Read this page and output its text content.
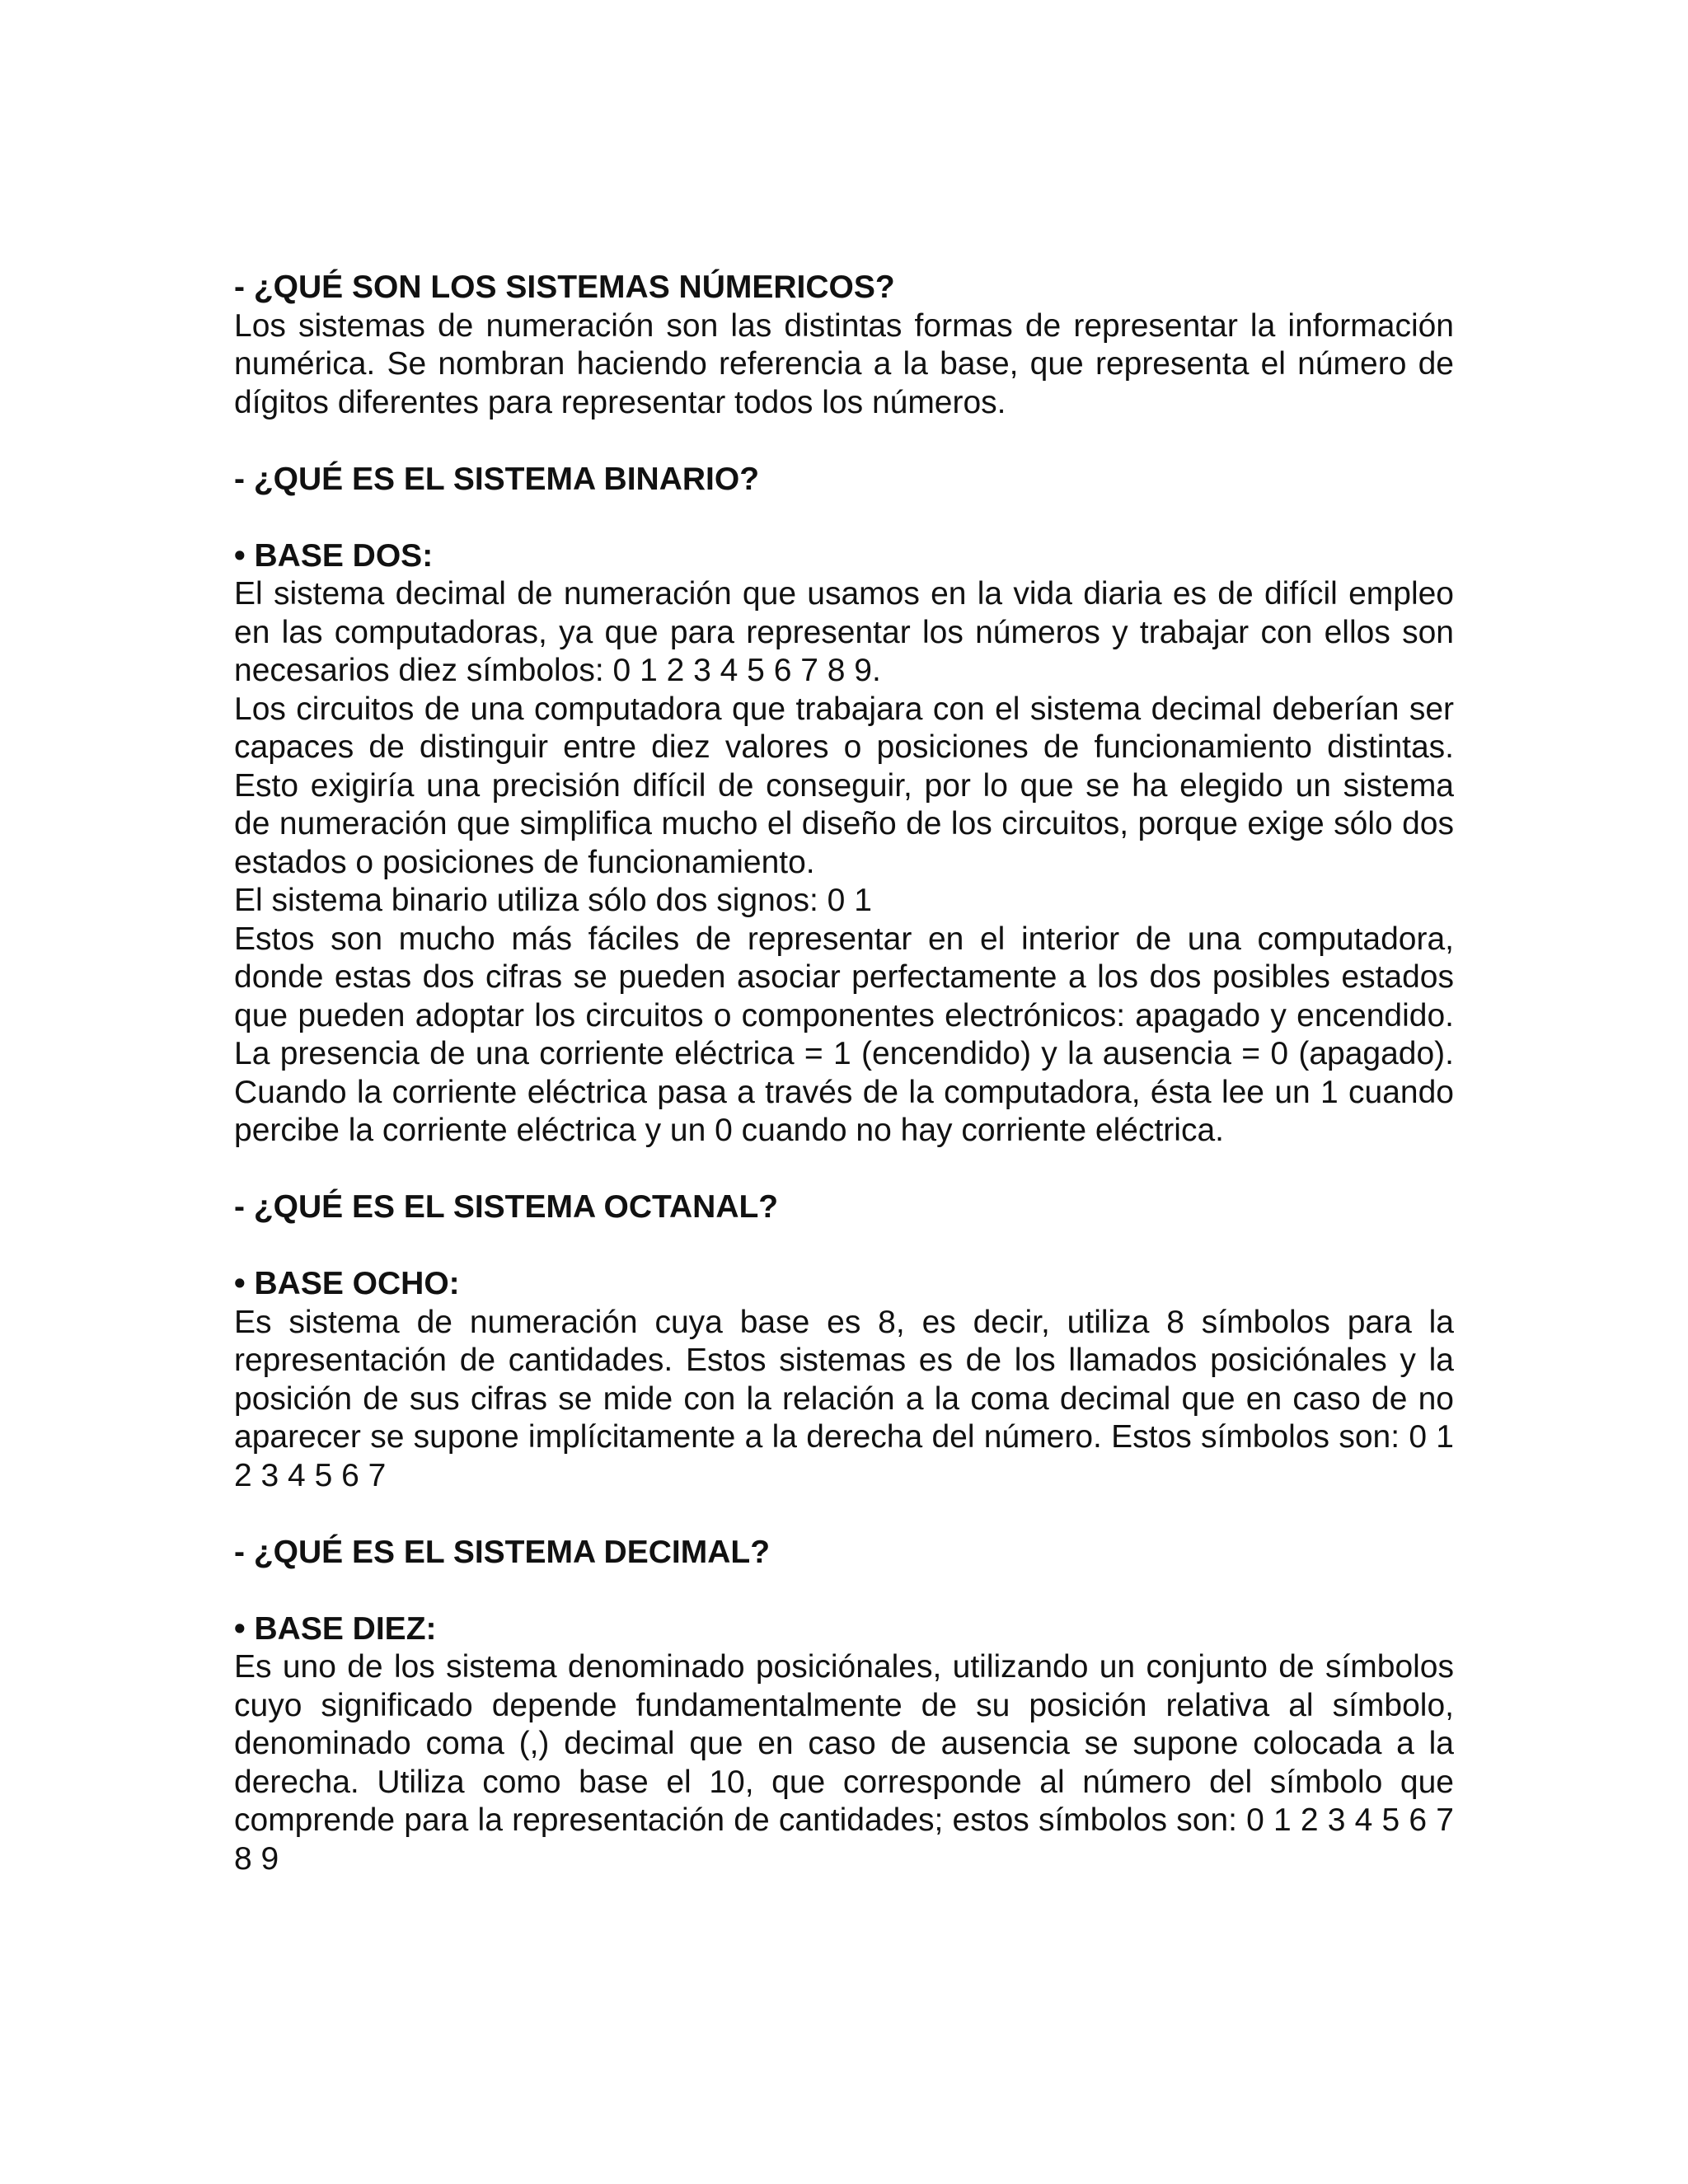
- ¿QUÉ SON LOS SISTEMAS NÚMERICOS?

Los sistemas de numeración son las distintas formas de representar la información numérica. Se nombran haciendo referencia a la base, que representa el número de dígitos diferentes para representar todos los números.

- ¿QUÉ ES EL SISTEMA BINARIO?

• BASE DOS:

El sistema decimal de numeración que usamos en la vida diaria es de difícil empleo en las computadoras, ya que para representar los números y trabajar con ellos son necesarios diez símbolos: 0 1 2 3 4 5 6 7 8 9.

Los circuitos de una computadora que trabajara con el sistema decimal deberían ser capaces de distinguir entre diez valores o posiciones de funcionamiento distintas. Esto exigiría una precisión difícil de conseguir, por lo que se ha elegido un sistema de numeración que simplifica mucho el diseño de los circuitos, porque exige sólo dos estados o posiciones de funcionamiento.

El sistema binario utiliza sólo dos signos: 0 1

Estos son mucho más fáciles de representar en el interior de una computadora, donde estas dos cifras se pueden asociar perfectamente a los dos posibles estados que pueden adoptar los circuitos o componentes electrónicos: apagado y encendido. La presencia de una corriente eléctrica = 1 (encendido) y la ausencia = 0 (apagado). Cuando la corriente eléctrica pasa a través de la computadora, ésta lee un 1 cuando percibe la corriente eléctrica y un 0 cuando no hay corriente eléctrica.

- ¿QUÉ ES EL SISTEMA OCTANAL?

• BASE OCHO:

Es sistema de numeración cuya base es 8, es decir, utiliza 8 símbolos para la representación de cantidades. Estos sistemas es de los llamados posiciónales y la posición de sus cifras se mide con la relación a la coma decimal que en caso de no aparecer se supone implícitamente a la derecha del número. Estos símbolos son: 0 1 2 3 4 5 6 7

- ¿QUÉ ES EL SISTEMA DECIMAL?

• BASE DIEZ:

Es uno de los sistema denominado posiciónales, utilizando un conjunto de símbolos cuyo significado depende fundamentalmente de su posición relativa al símbolo, denominado coma (,) decimal que en caso de ausencia se supone colocada a la derecha. Utiliza como base el 10, que corresponde al número del símbolo que comprende para la representación de cantidades; estos símbolos son: 0 1 2 3 4 5 6 7 8 9
